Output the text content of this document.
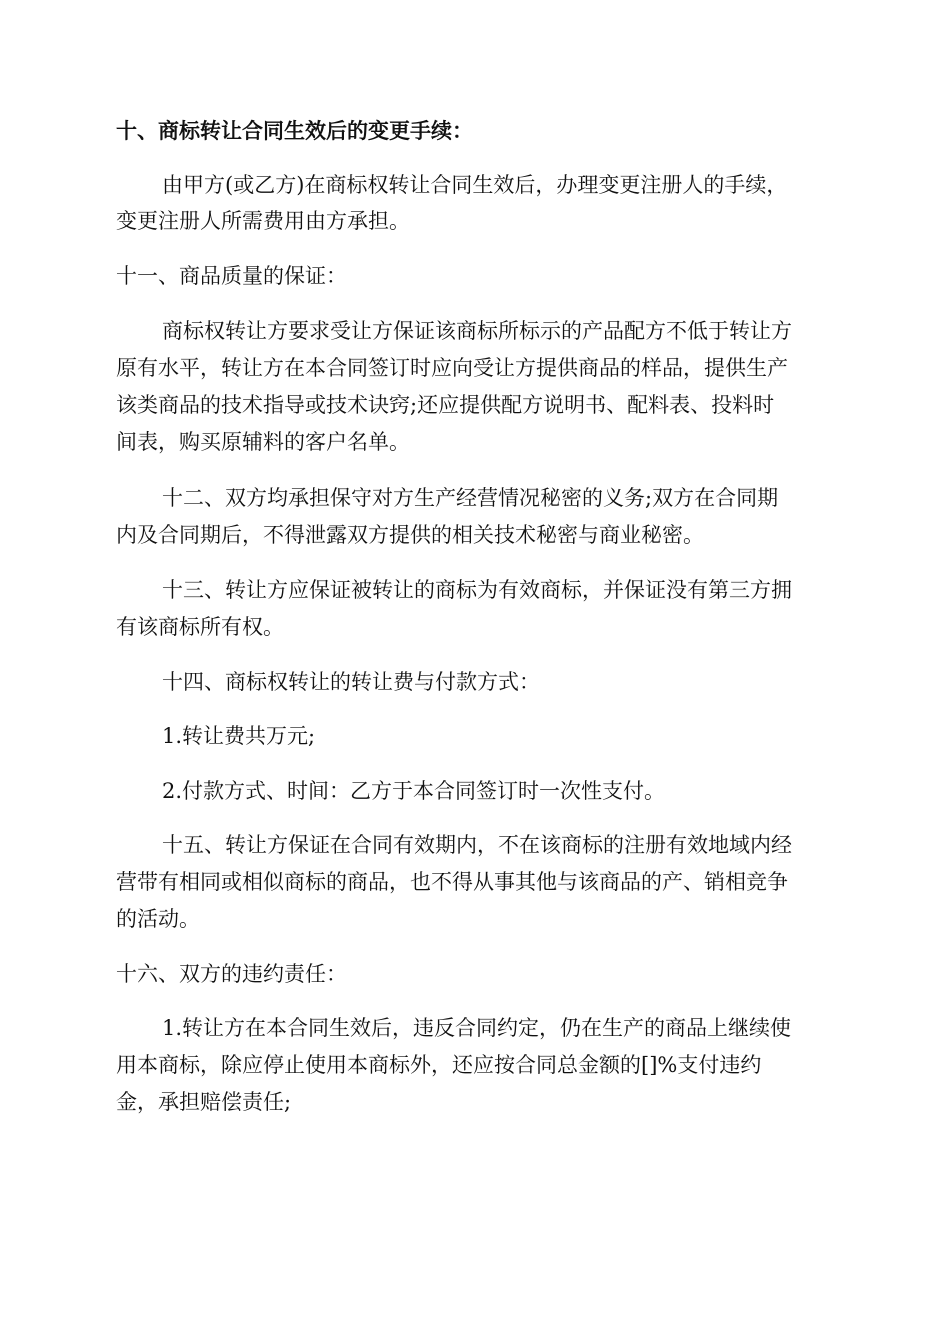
十、商标转让合同生效后的变更手续：
由甲方(或乙方)在商标权转让合同生效后，办理变更注册人的手续，
变更注册人所需费用由方承担。
十一、商品质量的保证：
商标权转让方要求受让方保证该商标所标示的产品配方不低于转让方
原有水平，转让方在本合同签订时应向受让方提供商品的样品，提供生产
该类商品的技术指导或技术诀窍;还应提供配方说明书、配料表、投料时
间表，购买原辅料的客户名单。
十二、双方均承担保守对方生产经营情况秘密的义务;双方在合同期
内及合同期后，不得泄露双方提供的相关技术秘密与商业秘密。
十三、转让方应保证被转让的商标为有效商标，并保证没有第三方拥
有该商标所有权。
十四、商标权转让的转让费与付款方式：
1.转让费共万元;
2.付款方式、时间：乙方于本合同签订时一次性支付。
十五、转让方保证在合同有效期内，不在该商标的注册有效地域内经
营带有相同或相似商标的商品，也不得从事其他与该商品的产、销相竞争
的活动。
十六、双方的违约责任：
1.转让方在本合同生效后，违反合同约定，仍在生产的商品上继续使
用本商标，除应停止使用本商标外，还应按合同总金额的[]%支付违约
金，承担赔偿责任;
